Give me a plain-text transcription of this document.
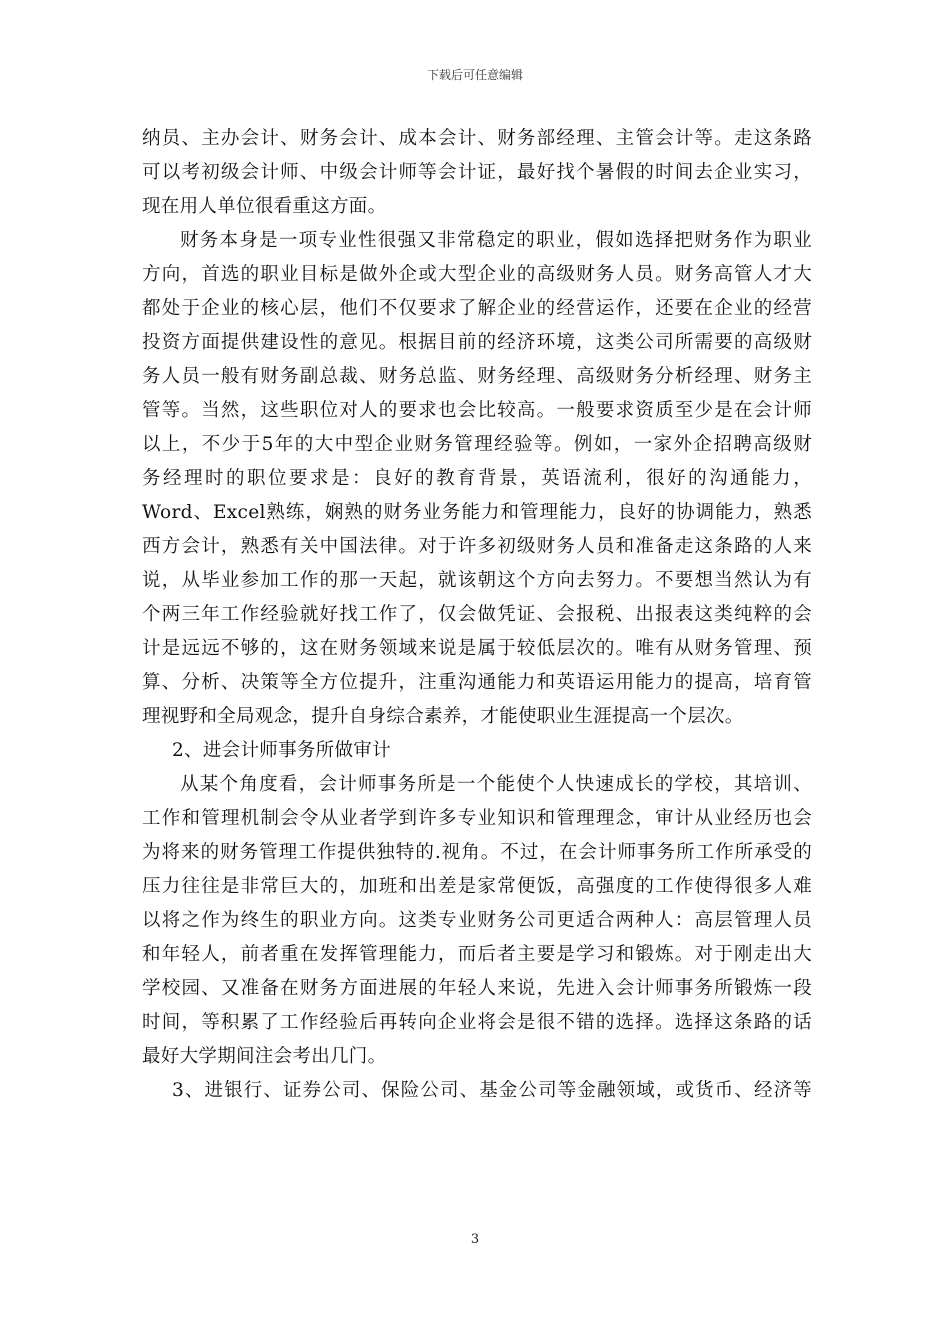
下载后可任意编辑
纳员、主办会计、财务会计、成本会计、财务部经理、主管会计等。走这条路
可以考初级会计师、中级会计师等会计证，最好找个暑假的时间去企业实习，
现在用人单位很看重这方面。
财务本身是一项专业性很强又非常稳定的职业，假如选择把财务作为职业
方向，首选的职业目标是做外企或大型企业的高级财务人员。财务高管人才大
都处于企业的核心层，他们不仅要求了解企业的经营运作，还要在企业的经营
投资方面提供建设性的意见。根据目前的经济环境，这类公司所需要的高级财
务人员一般有财务副总裁、财务总监、财务经理、高级财务分析经理、财务主
管等。当然，这些职位对人的要求也会比较高。一般要求资质至少是在会计师
以上，不少于5年的大中型企业财务管理经验等。例如，一家外企招聘高级财
务经理时的职位要求是：良好的教育背景，英语流利，很好的沟通能力，
Word、Excel熟练，娴熟的财务业务能力和管理能力，良好的协调能力，熟悉
西方会计，熟悉有关中国法律。对于许多初级财务人员和准备走这条路的人来
说，从毕业参加工作的那一天起，就该朝这个方向去努力。不要想当然认为有
个两三年工作经验就好找工作了，仅会做凭证、会报税、出报表这类纯粹的会
计是远远不够的，这在财务领域来说是属于较低层次的。唯有从财务管理、预
算、分析、决策等全方位提升，注重沟通能力和英语运用能力的提高，培育管
理视野和全局观念，提升自身综合素养，才能使职业生涯提高一个层次。
2、进会计师事务所做审计
从某个角度看，会计师事务所是一个能使个人快速成长的学校，其培训、
工作和管理机制会令从业者学到许多专业知识和管理理念，审计从业经历也会
为将来的财务管理工作提供独特的.视角。不过，在会计师事务所工作所承受的
压力往往是非常巨大的，加班和出差是家常便饭，高强度的工作使得很多人难
以将之作为终生的职业方向。这类专业财务公司更适合两种人：高层管理人员
和年轻人，前者重在发挥管理能力，而后者主要是学习和锻炼。对于刚走出大
学校园、又准备在财务方面进展的年轻人来说，先进入会计师事务所锻炼一段
时间，等积累了工作经验后再转向企业将会是很不错的选择。选择这条路的话
最好大学期间注会考出几门。
3、进银行、证券公司、保险公司、基金公司等金融领域，或货币、经济等
3
